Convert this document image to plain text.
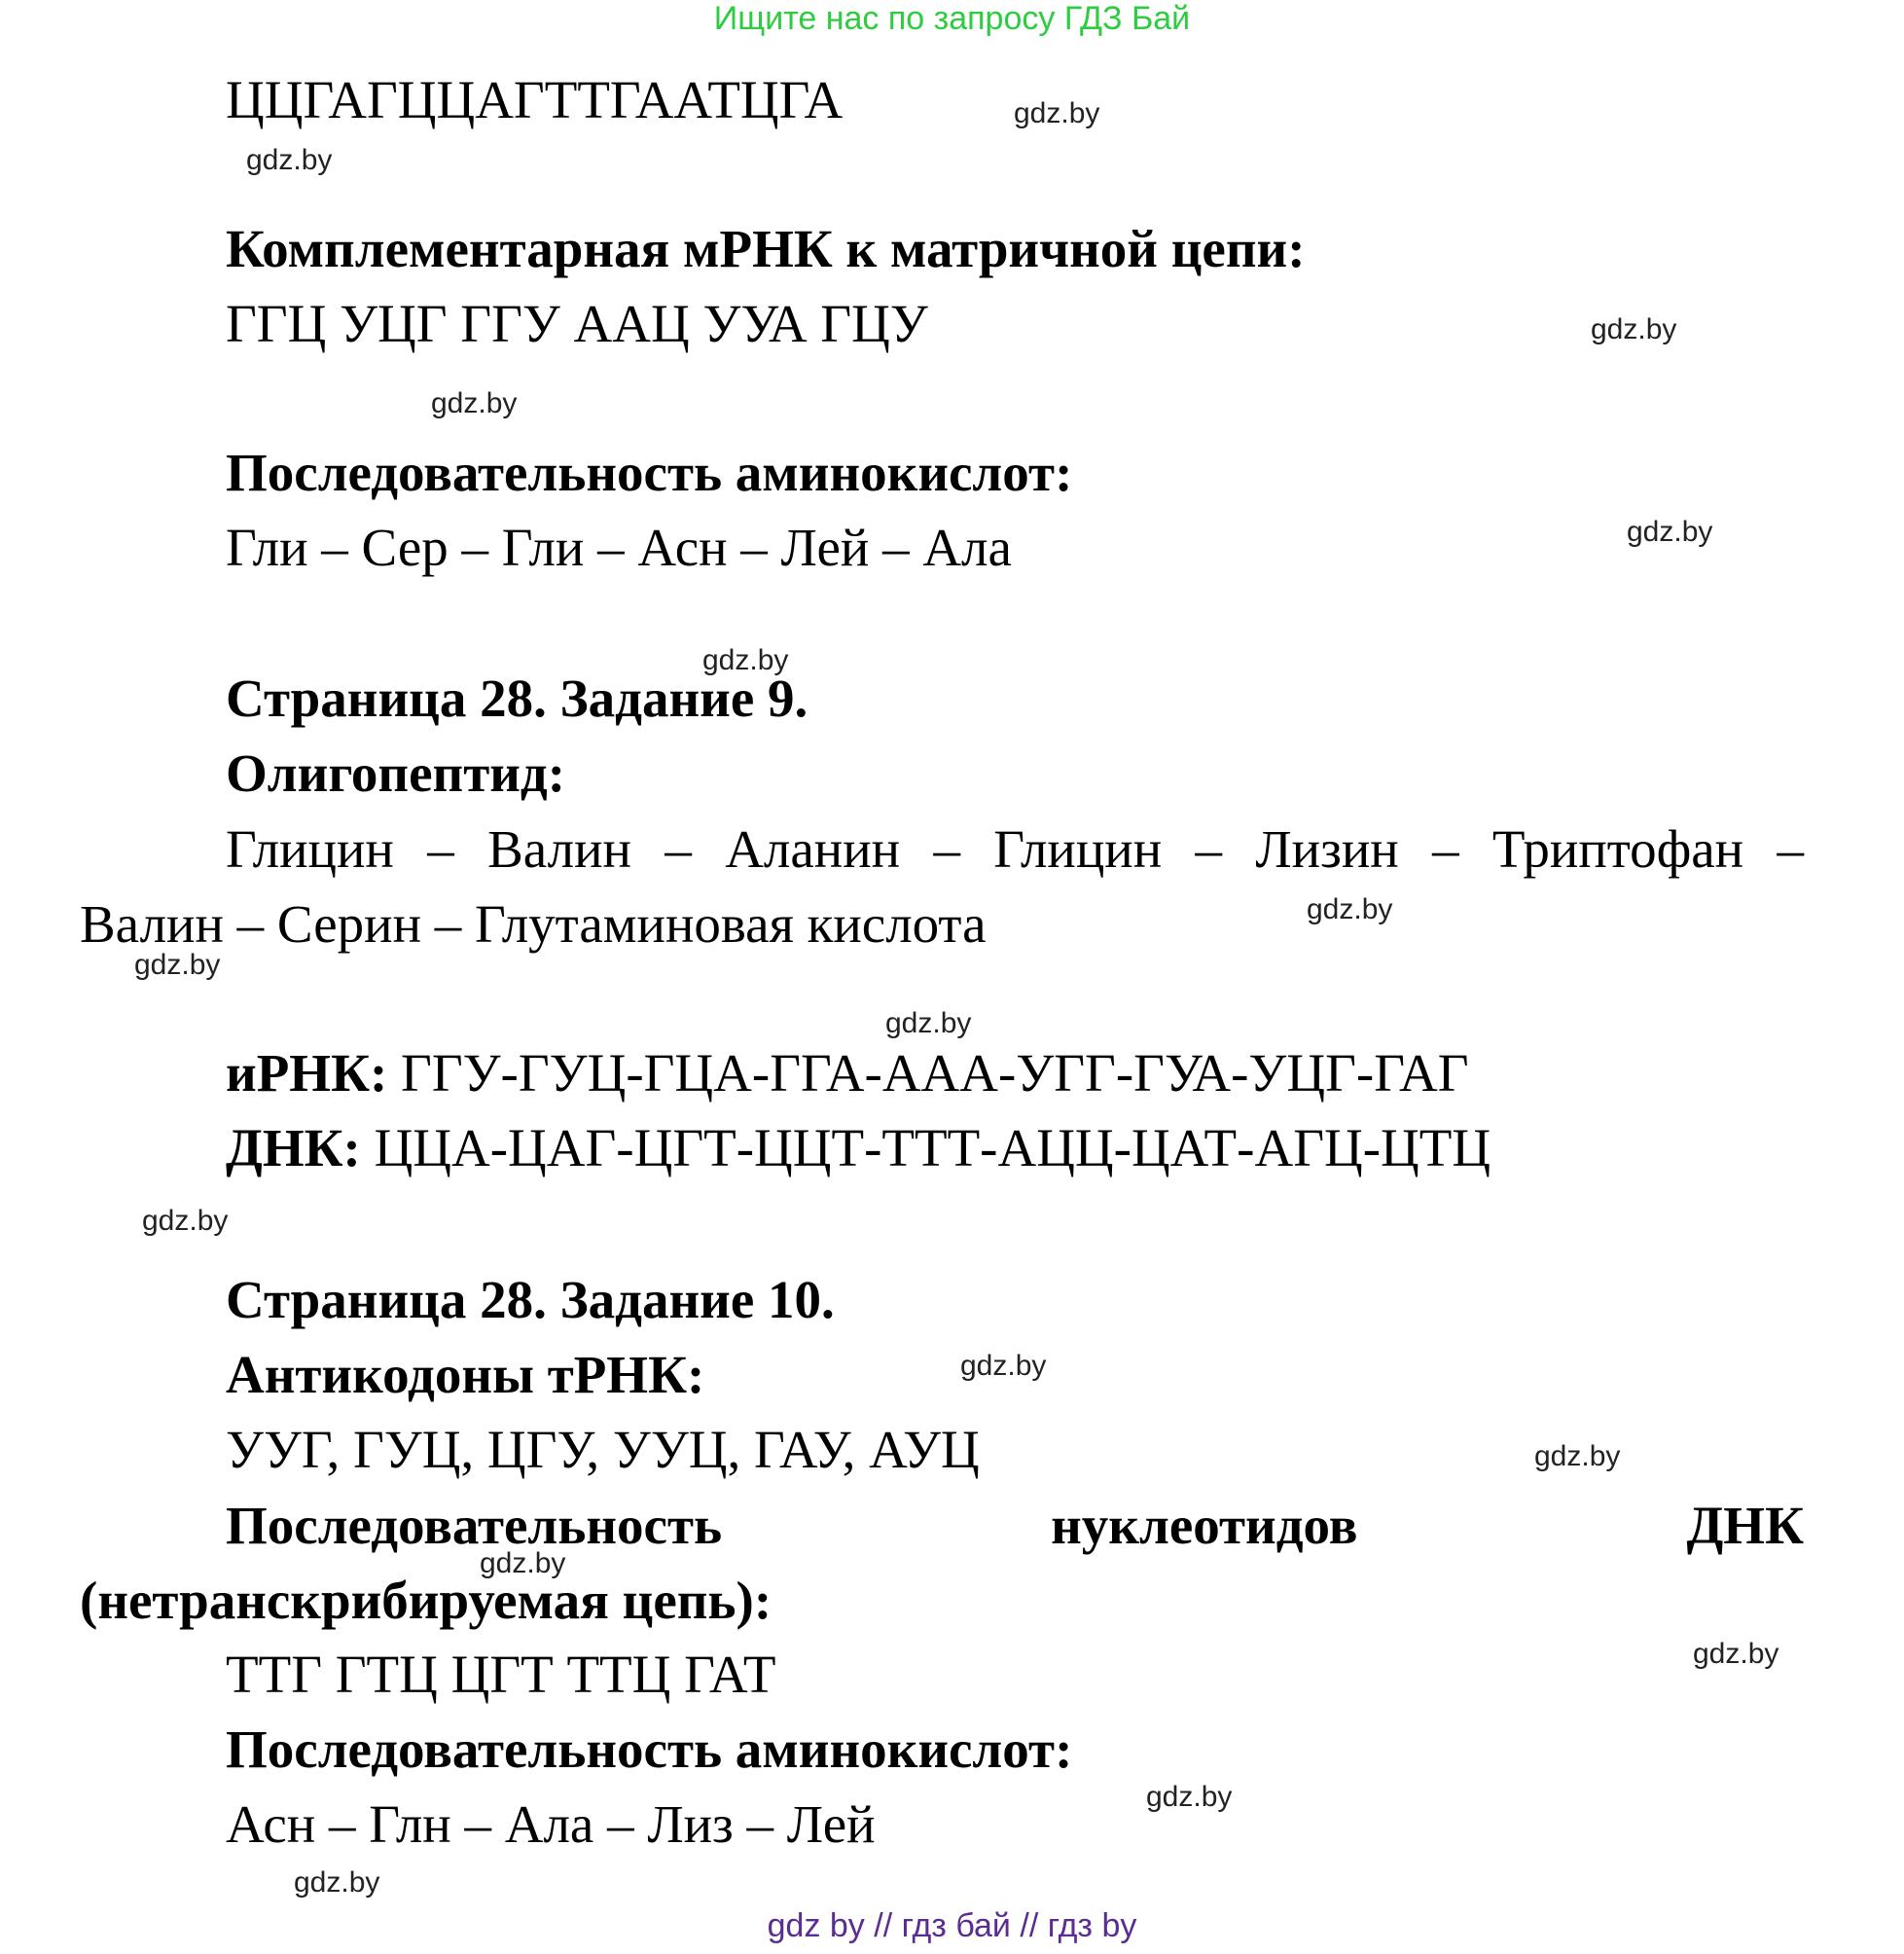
Ищите нас по запросу ГДЗ Бай
ЦЦГАГЦЦАГТТГААТЦГА
Комплементарная мРНК к матричной цепи:
ГГЦ УЦГ ГГУ ААЦ УУА ГЦУ
Последовательность аминокислот:
Гли – Сер – Гли – Асн – Лей – Ала
Страница 28. Задание 9.
Олигопептид:
Глицин – Валин – Аланин – Глицин – Лизин – Триптофан –
Валин – Серин – Глутаминовая кислота
иРНК: ГГУ-ГУЦ-ГЦА-ГГА-ААА-УГГ-ГУА-УЦГ-ГАГ
ДНК: ЦЦА-ЦАГ-ЦГТ-ЦЦТ-ТТТ-АЦЦ-ЦАТ-АГЦ-ЦТЦ
Страница 28. Задание 10.
Антикодоны тРНК:
УУГ, ГУЦ, ЦГУ, УУЦ, ГАУ, АУЦ
Последовательность	нуклеотидов	ДНК
(нетранскрибируемая цепь):
ТТГ ГТЦ ЦГТ ТТЦ ГАТ
Последовательность аминокислот:
Асн – Глн – Ала – Лиз – Лей
gdz.by
gdz.by
gdz.by
gdz.by
gdz.by
gdz.by
gdz.by
gdz.by
gdz.by
gdz.by
gdz.by
gdz.by
gdz.by
gdz.by
gdz.by
gdz.by
gdz by // гдз бай // гдз by
